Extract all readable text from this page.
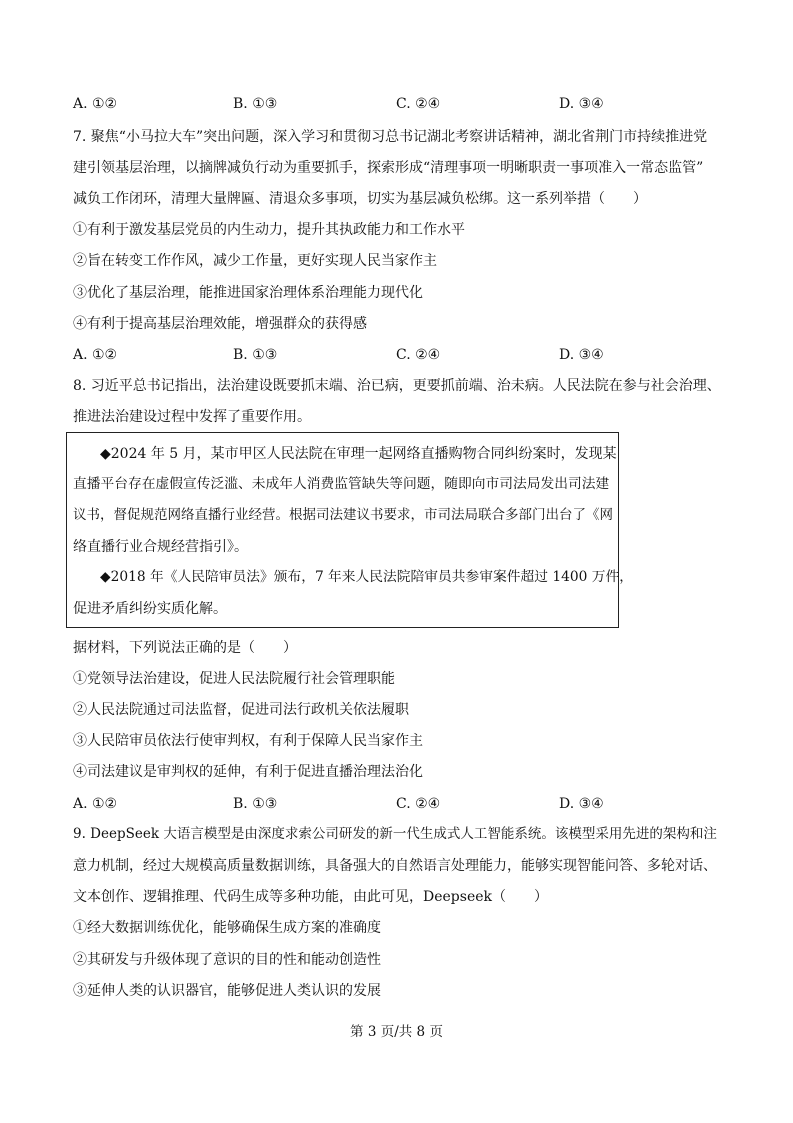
A. ①②	B. ①③	C. ②④	D. ③④
7. 聚焦“小马拉大车”突出问题，深入学习和贯彻习总书记湖北考察讲话精神，湖北省荆门市持续推进党
建引领基层治理，以摘牌减负行动为重要抓手，探索形成“清理事项一明晰职责一事项准入一常态监管”
减负工作闭环，清理大量牌匾、清退众多事项，切实为基层减负松绑。这一系列举措（　　）
①有利于激发基层党员的内生动力，提升其执政能力和工作水平
②旨在转变工作作风，减少工作量，更好实现人民当家作主
③优化了基层治理，能推进国家治理体系治理能力现代化
④有利于提高基层治理效能，增强群众的获得感
A. ①②	B. ①③	C. ②④	D. ③④
8. 习近平总书记指出，法治建设既要抓末端、治已病，更要抓前端、治未病。人民法院在参与社会治理、
推进法治建设过程中发挥了重要作用。
◆2024 年 5 月，某市甲区人民法院在审理一起网络直播购物合同纠纷案时，发现某
直播平台存在虚假宣传泛滥、未成年人消费监管缺失等问题，随即向市司法局发出司法建
议书，督促规范网络直播行业经营。根据司法建议书要求，市司法局联合多部门出台了《网
络直播行业合规经营指引》。
◆2018 年《人民陪审员法》颁布，7 年来人民法院陪审员共参审案件超过 1400 万件，
促进矛盾纠纷实质化解。
据材料，下列说法正确的是（　　）
①党领导法治建设，促进人民法院履行社会管理职能
②人民法院通过司法监督，促进司法行政机关依法履职
③人民陪审员依法行使审判权，有利于保障人民当家作主
④司法建议是审判权的延伸，有利于促进直播治理法治化
A. ①②	B. ①③	C. ②④	D. ③④
9. DeepSeek 大语言模型是由深度求索公司研发的新一代生成式人工智能系统。该模型采用先进的架构和注
意力机制，经过大规模高质量数据训练，具备强大的自然语言处理能力，能够实现智能问答、多轮对话、
文本创作、逻辑推理、代码生成等多种功能，由此可见，Deepseek（　　）
①经大数据训练优化，能够确保生成方案的准确度
②其研发与升级体现了意识的目的性和能动创造性
③延伸人类的认识器官，能够促进人类认识的发展
第 3 页/共 8 页
